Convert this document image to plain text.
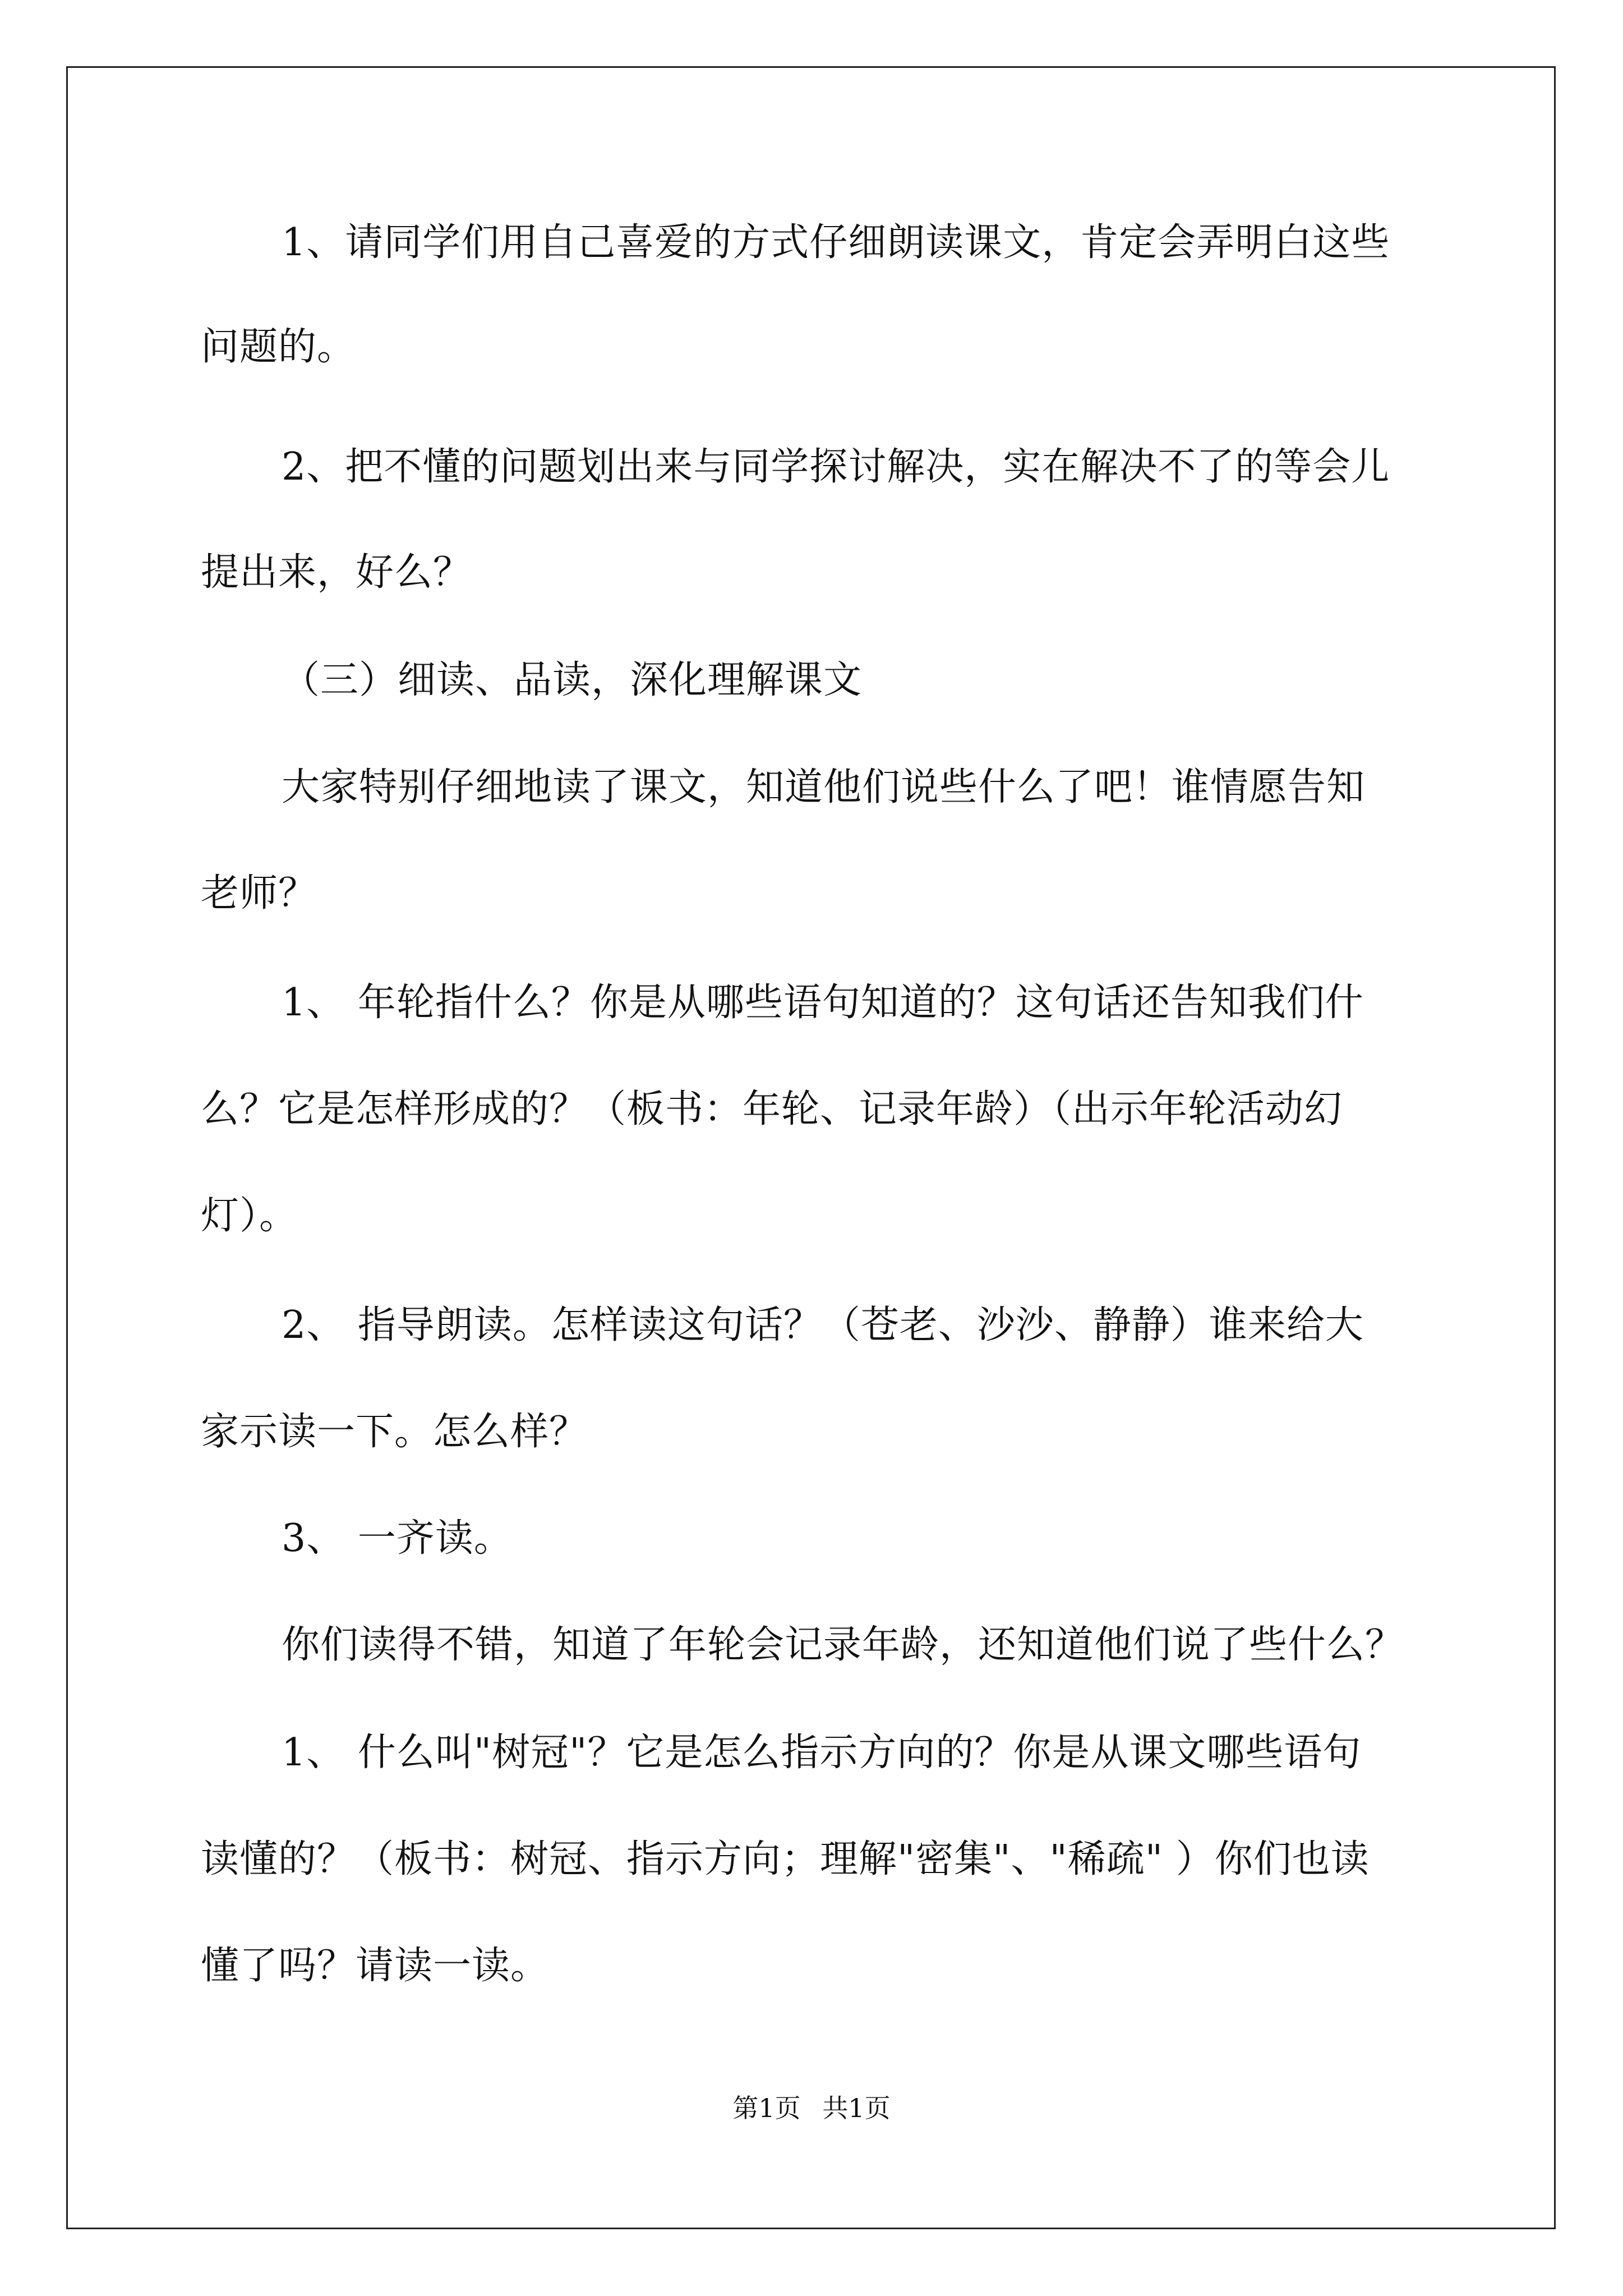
1、请同学们用自己喜爱的方式仔细朗读课文，肯定会弄明白这些
问题的。
2、把不懂的问题划出来与同学探讨解决，实在解决不了的等会儿
提出来，好么？
（三）细读、品读，深化理解课文
大家特别仔细地读了课文，知道他们说些什么了吧！谁情愿告知
老师？
1、 年轮指什么？你是从哪些语句知道的？这句话还告知我们什
么？它是怎样形成的？（板书：年轮、记录年龄）（出示年轮活动幻
灯）。
2、 指导朗读。怎样读这句话？（苍老、沙沙、静静）谁来给大
家示读一下。怎么样？
3、 一齐读。
你们读得不错，知道了年轮会记录年龄，还知道他们说了些什么？
1、 什么叫"树冠"？它是怎么指示方向的？你是从课文哪些语句
读懂的？（板书：树冠、指示方向；理解"密集"、"稀疏" ）你们也读
懂了吗？请读一读。
第1页 共1页
